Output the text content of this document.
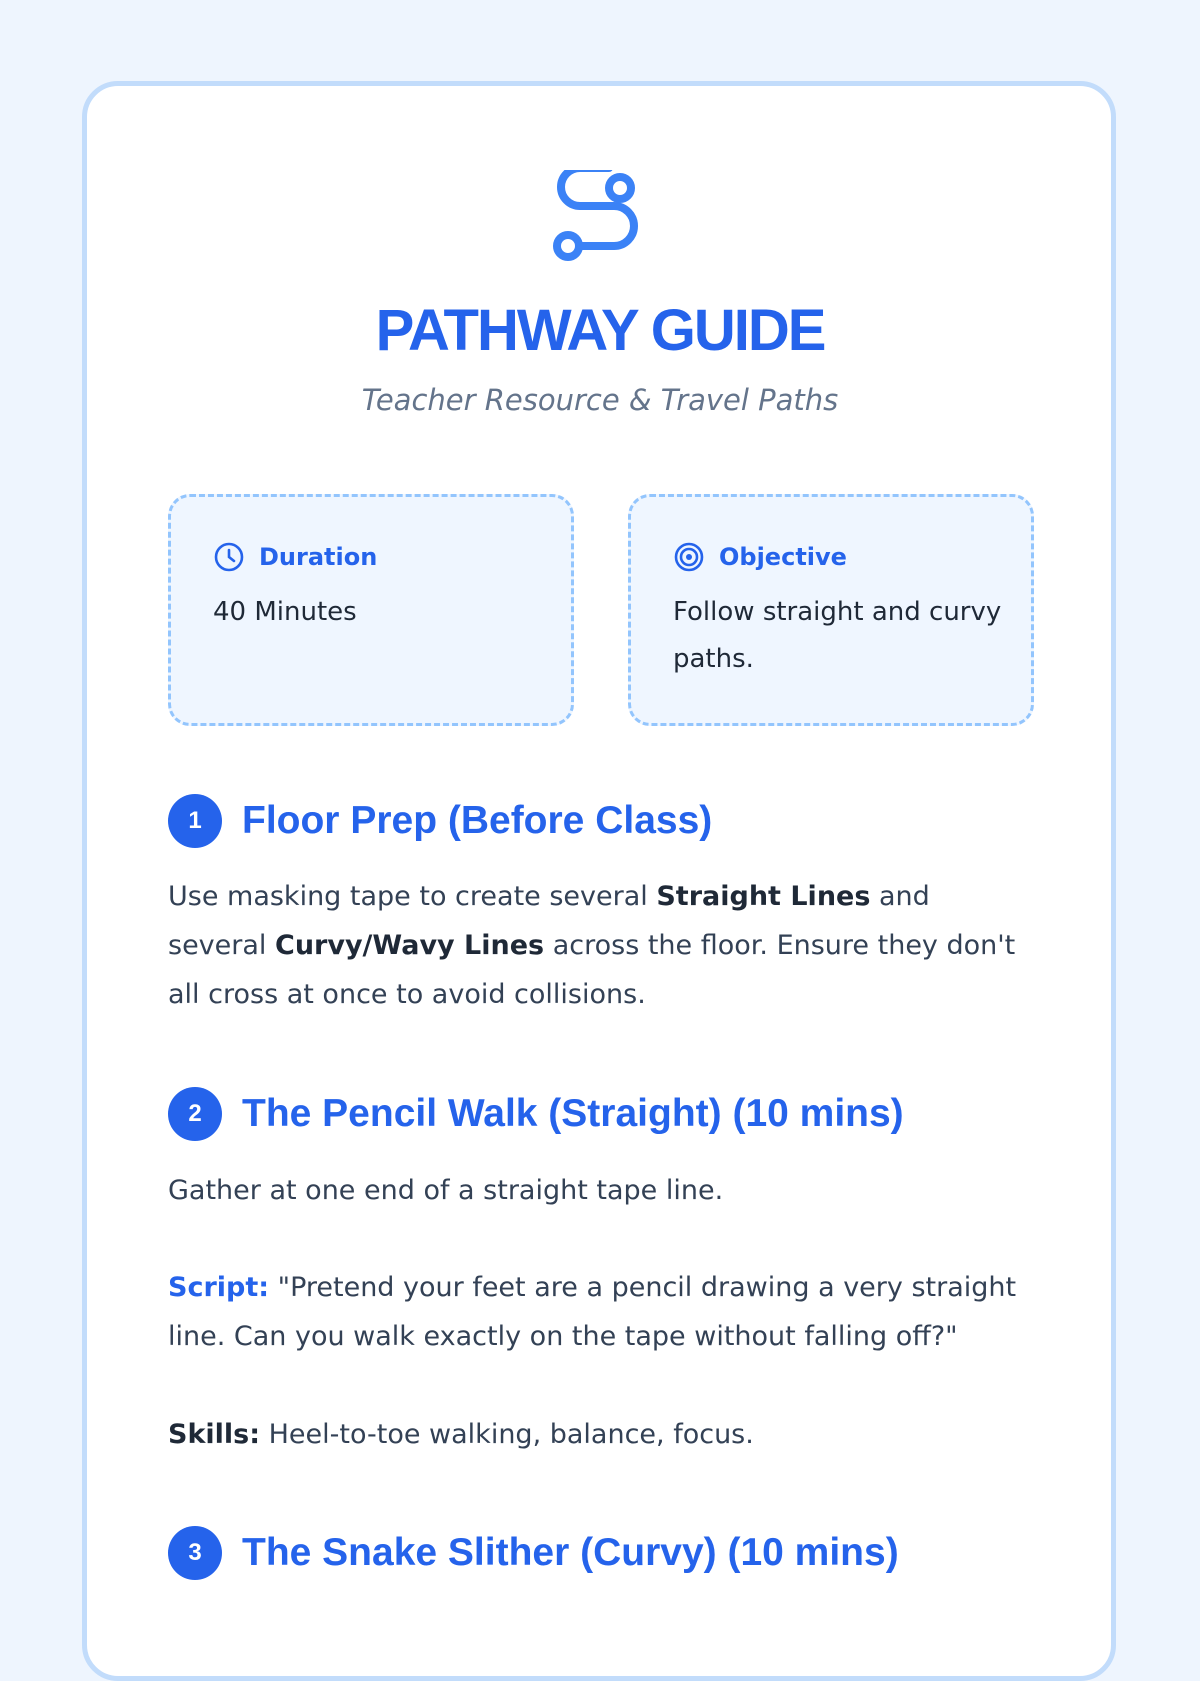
PATHWAY GUIDE
Teacher Resource & Travel Paths
Duration
40 Minutes
Objective
Follow straight and curvy paths.
1	Floor Prep (Before Class)
Use masking tape to create several Straight Lines and several Curvy/Wavy Lines across the floor. Ensure they don't all cross at once to avoid collisions.
2	The Pencil Walk (Straight) (10 mins)
Gather at one end of a straight tape line.
Script: "Pretend your feet are a pencil drawing a very straight line. Can you walk exactly on the tape without falling off?"
Skills: Heel-to-toe walking, balance, focus.
3	The Snake Slither (Curvy) (10 mins)
